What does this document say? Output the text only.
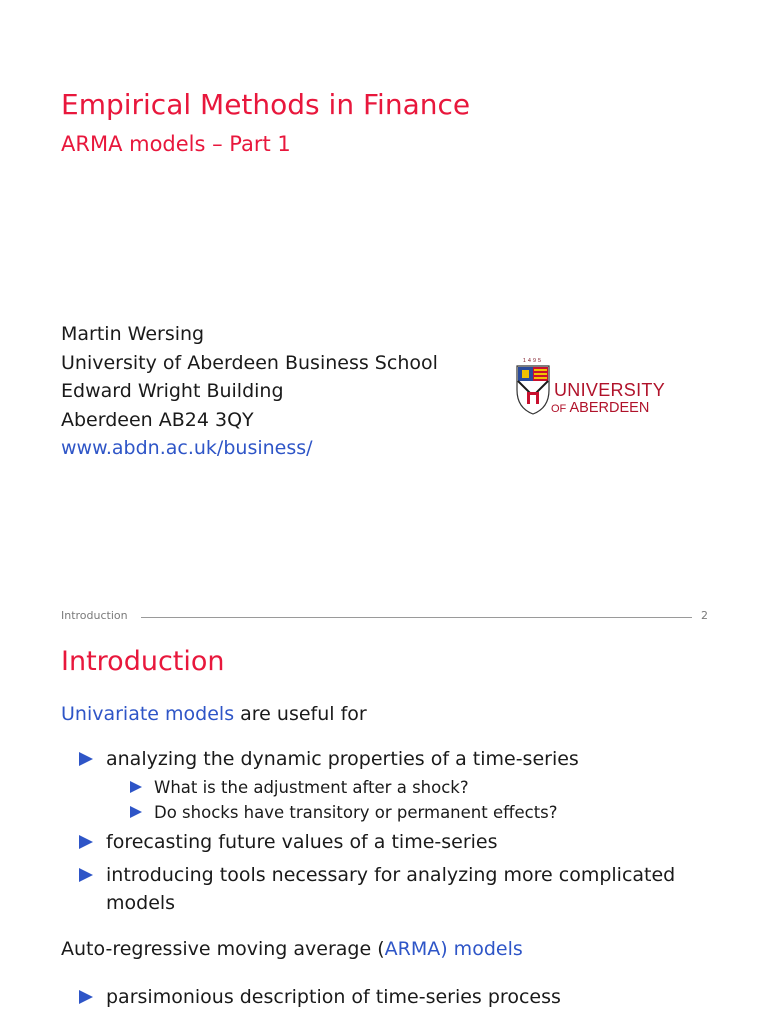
Empirical Methods in Finance
ARMA models – Part 1
Martin Wersing
University of Aberdeen Business School
Edward Wright Building
Aberdeen AB24 3QY
www.abdn.ac.uk/business/
1495
UNIVERSITY
OF ABERDEEN
Introduction	2
Introduction
Univariate models are useful for
analyzing the dynamic properties of a time-series
What is the adjustment after a shock?
Do shocks have transitory or permanent effects?
forecasting future values of a time-series
introducing tools necessary for analyzing more complicated models
Auto-regressive moving average (ARMA) models
parsimonious description of time-series process
